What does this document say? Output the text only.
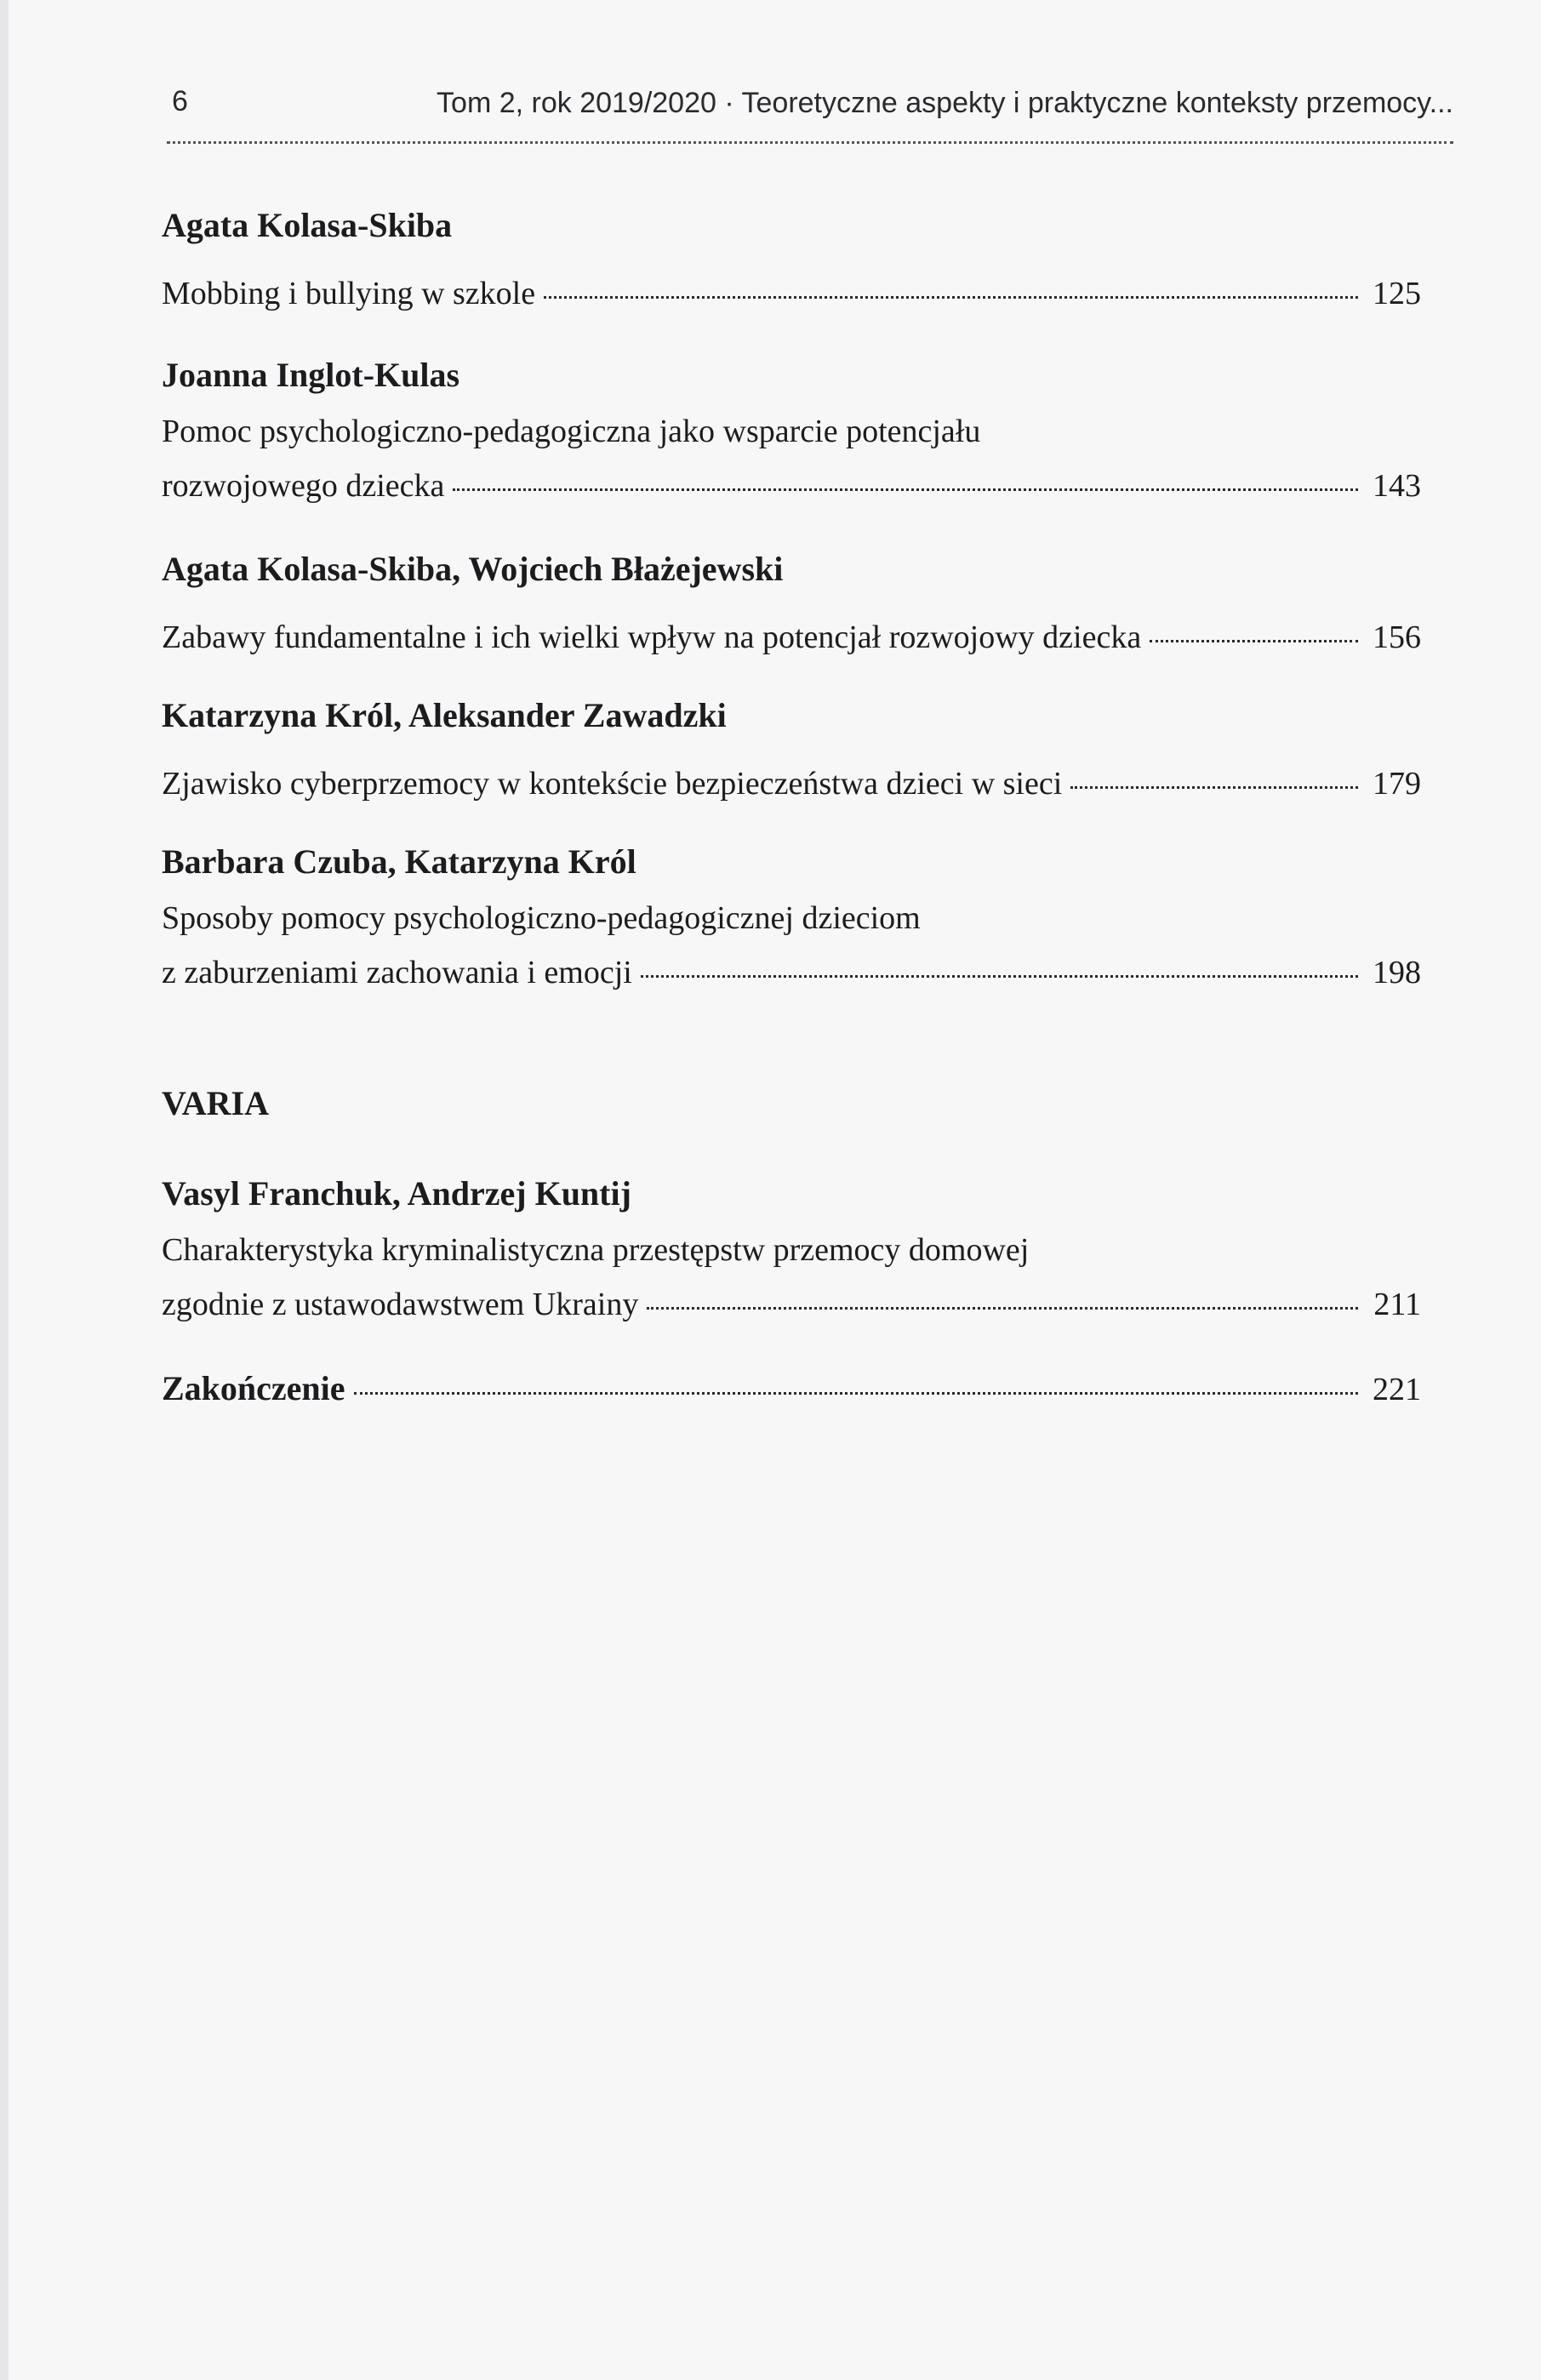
6	Tom 2, rok 2019/2020 · Teoretyczne aspekty i praktyczne konteksty przemocy...
Agata Kolasa-Skiba
Mobbing i bullying w szkole	125
Joanna Inglot-Kulas
Pomoc psychologiczno-pedagogiczna jako wsparcie potencjału
rozwojowego dziecka	143
Agata Kolasa-Skiba, Wojciech Błażejewski
Zabawy fundamentalne i ich wielki wpływ na potencjał rozwojowy dziecka	156
Katarzyna Król, Aleksander Zawadzki
Zjawisko cyberprzemocy w kontekście bezpieczeństwa dzieci w sieci	179
Barbara Czuba, Katarzyna Król
Sposoby pomocy psychologiczno-pedagogicznej dzieciom
z zaburzeniami zachowania i emocji	198
VARIA
Vasyl Franchuk, Andrzej Kuntij
Charakterystyka kryminalistyczna przestępstw przemocy domowej
zgodnie z ustawodawstwem Ukrainy	211
Zakończenie	221
